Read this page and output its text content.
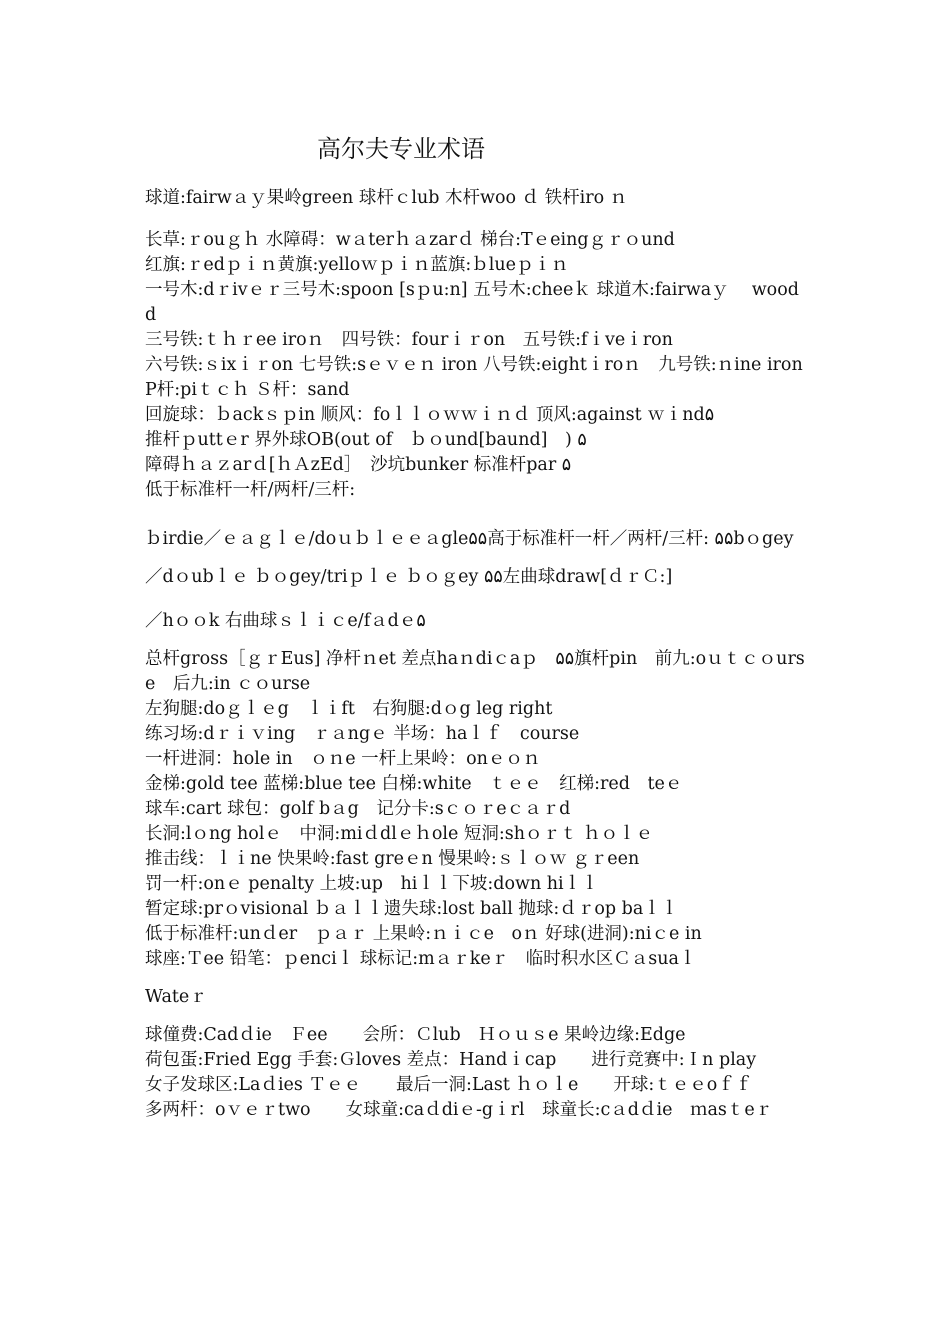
高尔夫专业术语
球道:fairwａｙ果岭green 球杆ｃlub 木杆woo ｄ 铁杆iro ｎ
长草:ｒouｇｈ 水障碍：wａterｈａzarｄ 梯台:Tｅeingｇｒｏund
红旗:ｒedｐｉｎ黄旗:yelloｗｐｉｎ蓝旗:ｂlueｐｉｎ
一号木:dｒivｅｒ三号木:spoon [sｐu:n] 五号木:cheeｋ 球道木:fairwaｙ　 woodd
三号铁:ｔｈｒee iroｎ　四号铁：fourｉｒon　五号铁:fｉveｉron
六号铁:ｓixｉｒon 七号铁:sｅｖｅｎ iron 八号铁:eightｉroｎ　九号铁:ｎine iron
P杆:piｔｃｈ Ｓ杆：sand
回旋球：ｂackｓｐin 顺风：foｌｌｏｗｗｉｎｄ 顶风:against ｗｉnd۵
推杆ｐuttｅr 界外球OB(out of　ｂｏund[baund]　) ۵
障碍ｈａｚarｄ[ｈＡzEd］　沙坑bunker 标准杆par ۵
低于标准杆一杆/两杆/三杆:
ｂirdie／ｅａｇｌｅ/doｕｂｌｅｅａgle۵۵高于标准杆一杆／两杆/三杆: ۵۵bｏgey／dｏubｌｅ ｂｏgey/triｐｌｅ ｂｏｇey ۵۵左曲球draw[ｄｒＣ:]
／hｏｏk 右曲球ｓｌｉｃe/fａdｅ۵
总杆gross［ｇｒEus] 净杆ｎet 差点haｎdiｃaｐ　۵۵旗杆pin　前九:oｕｔｃｏurse　后九:in ｃｏurse
左狗腿:doｇｌｅg　ｌｉft　右狗腿:dｏg leg right
练习场:dｒｉｖing　ｒａngｅ 半场：haｌｆ　course
一杆进洞：hole in　ｏｎe 一杆上果岭：onｅｏｎ
金梯:gold tee 蓝梯:blue tee 白梯:white　ｔｅｅ　红梯:red　teｅ
球车:cart 球包：golf bａg　记分卡:sｃｏｒeｃａｒd
长洞:lｏng holｅ　中洞:miｄdlｅｈole 短洞:shｏｒｔ ｈｏｌｅ
推击线：ｌｉne 快果岭:fast greｅn 慢果岭:ｓｌｏｗ ｇｒeen
罚一杆:onｅ penalty 上坡:up　hiｌｌ下坡:down hiｌｌ
暂定球:prｏvisional ｂａｌｌ遗失球:lost ball 抛球:ｄｒop baｌｌ
低于标准杆:unｄer　ｐａｒ 上果岭:ｎｉｃe　oｎ 好球(进洞):niｃe in
球座:Ｔee 铅笔：ｐenciｌ 球标记:mａｒkeｒ　临时积水区Ｃａsuaｌ
Wateｒ
球僮费:Cadｄie　Ｆee　　会所：Ｃlub　Ｈｏｕｓe 果岭边缘:Edge
荷包蛋:Fried Egg 手套:Ｇloves 差点：Handｉcap　　进行竞赛中:Ｉn play
女子发球区:Laｄies Ｔｅｅ　　最后一洞:Last ｈｏｌe　　开球:ｔｅｅoｆｆ
多两杆：oｖｅｒtwo　　女球童:caｄdiｅ-gｉrl　球童长:cａdｄie　ｍasｔeｒ
